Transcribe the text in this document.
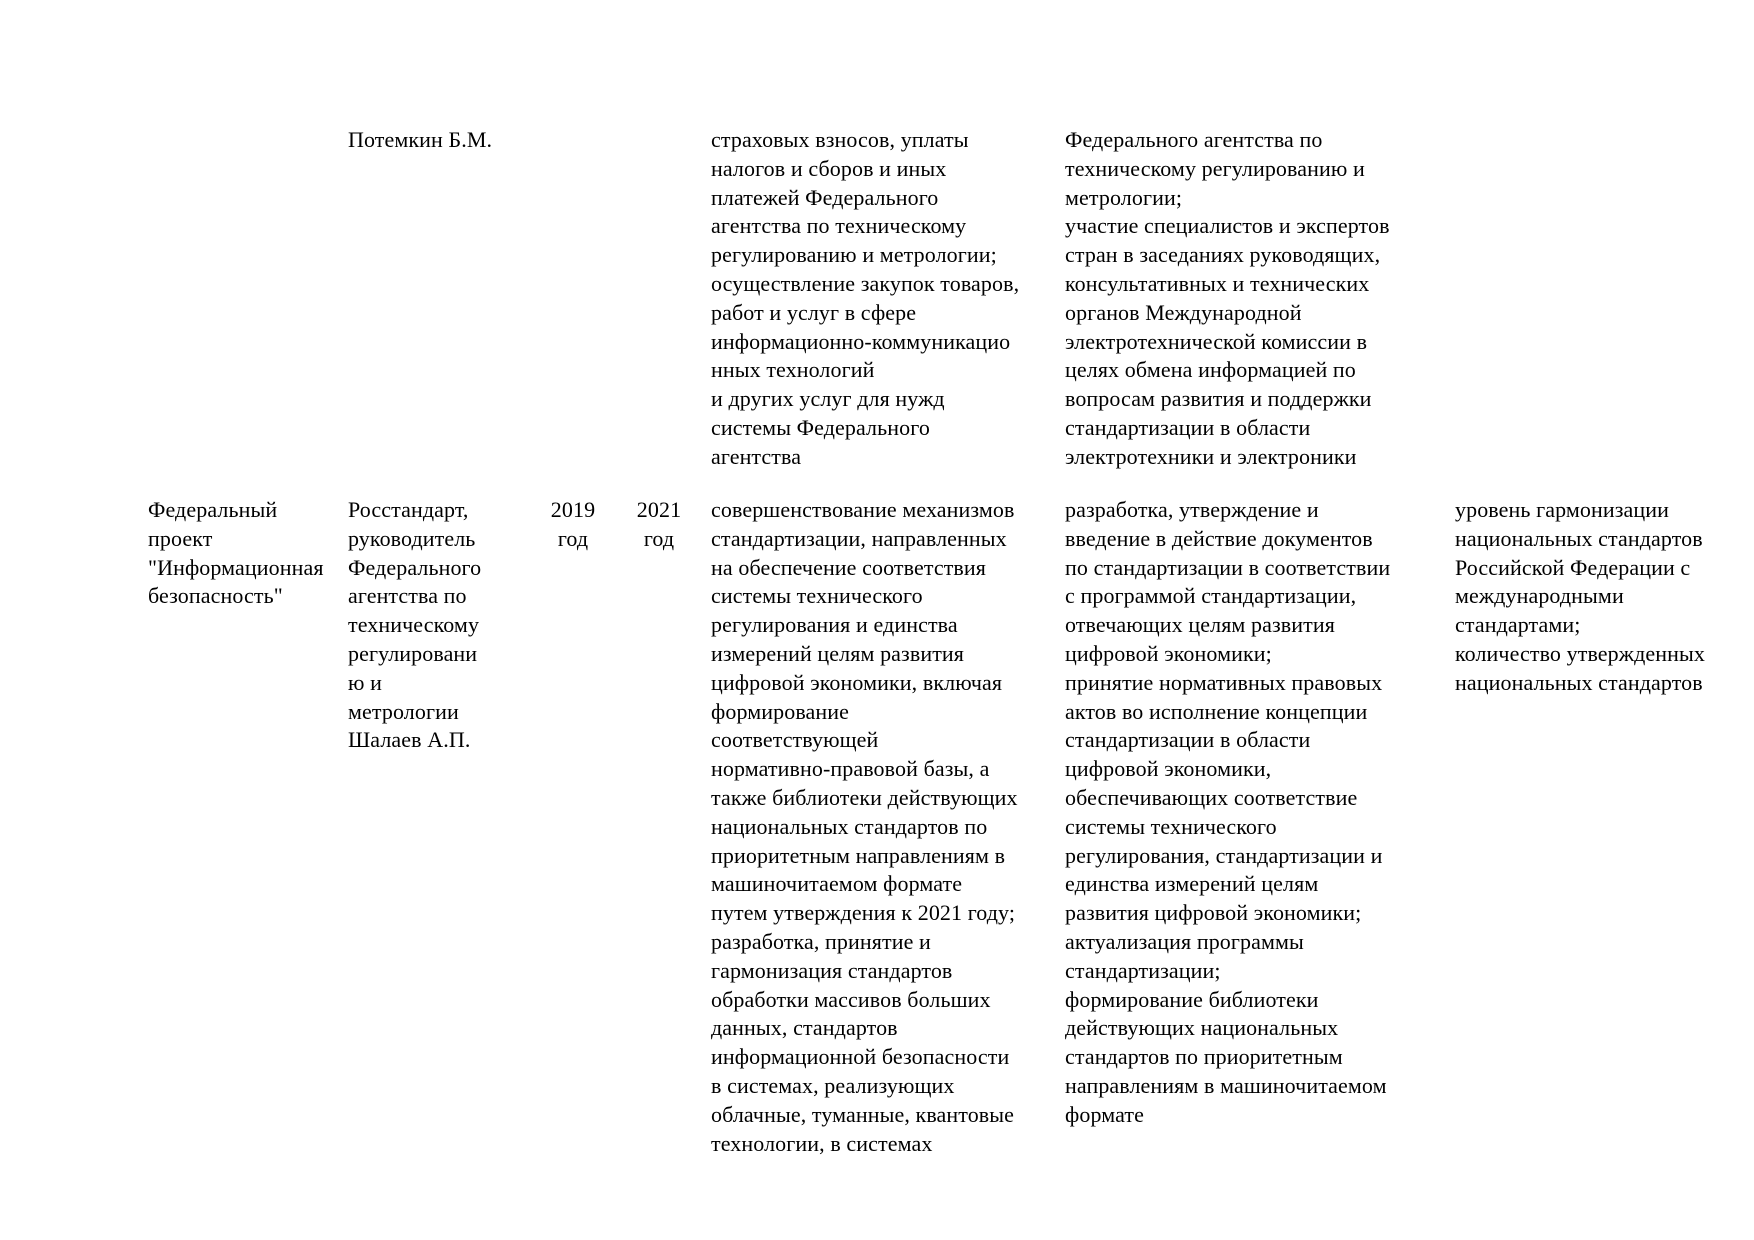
Потемкин Б.М.	страховых взносов, уплаты
налогов и сборов и иных
платежей Федерального
агентства по техническому
регулированию и метрологии;
осуществление закупок товаров,
работ и услуг в сфере
информационно-коммуникацио
нных технологий
и других услуг для нужд
системы Федерального
агентства
Федерального агентства по
техническому регулированию и
метрологии;
участие специалистов и экспертов
стран в заседаниях руководящих,
консультативных и технических
органов Международной
электротехнической комиссии в
целях обмена информацией по
вопросам развития и поддержки
стандартизации в области
электротехники и электроники
Федеральный
проект
"Информационная
безопасность"
Росстандарт,
руководитель
Федерального
агентства по
техническому
регулировани
ю и
метрологии
Шалаев А.П.
2019
год
2021
год
совершенствование механизмов
стандартизации, направленных
на обеспечение соответствия
системы технического
регулирования и единства
измерений целям развития
цифровой экономики, включая
формирование
соответствующей
нормативно-правовой базы, а
также библиотеки действующих
национальных стандартов по
приоритетным направлениям в
машиночитаемом формате
путем утверждения к 2021 году;
разработка, принятие и
гармонизация стандартов
обработки массивов больших
данных, стандартов
информационной безопасности
в системах, реализующих
облачные, туманные, квантовые
технологии, в системах
разработка, утверждение и
введение в действие документов
по стандартизации в соответствии
с программой стандартизации,
отвечающих целям развития
цифровой экономики;
принятие нормативных правовых
актов во исполнение концепции
стандартизации в области
цифровой экономики,
обеспечивающих соответствие
системы технического
регулирования, стандартизации и
единства измерений целям
развития цифровой экономики;
актуализация программы
стандартизации;
формирование библиотеки
действующих национальных
стандартов по приоритетным
направлениям в машиночитаемом
формате
уровень гармонизации
национальных стандартов
Российской Федерации с
международными
стандартами;
количество утвержденных
национальных стандартов
